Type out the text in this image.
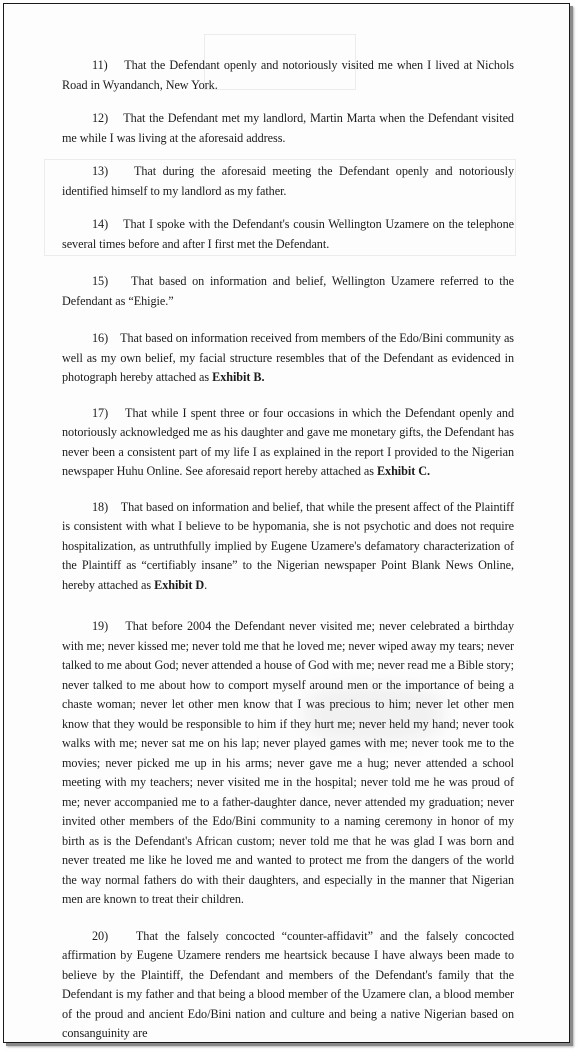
11) That the Defendant openly and notoriously visited me when I lived at Nichols Road in Wyandanch, New York.

12) That the Defendant met my landlord, Martin Marta when the Defendant visited me while I was living at the aforesaid address.

13) That during the aforesaid meeting the Defendant openly and notoriously identified himself to my landlord as my father.

14) That I spoke with the Defendant's cousin Wellington Uzamere on the telephone several times before and after I first met the Defendant.

15) That based on information and belief, Wellington Uzamere referred to the Defendant as “Ehigie.”

16) That based on information received from members of the Edo/Bini community as well as my own belief, my facial structure resembles that of the Defendant as evidenced in photograph hereby attached as Exhibit B.

17) That while I spent three or four occasions in which the Defendant openly and notoriously acknowledged me as his daughter and gave me monetary gifts, the Defendant has never been a consistent part of my life I as explained in the report I provided to the Nigerian newspaper Huhu Online. See aforesaid report hereby attached as Exhibit C.

18) That based on information and belief, that while the present affect of the Plaintiff is consistent with what I believe to be hypomania, she is not psychotic and does not require hospitalization, as untruthfully implied by Eugene Uzamere's defamatory characterization of the Plaintiff as “certifiably insane” to the Nigerian newspaper Point Blank News Online, hereby attached as Exhibit D.

19) That before 2004 the Defendant never visited me; never celebrated a birthday with me; never kissed me; never told me that he loved me; never wiped away my tears; never talked to me about God; never attended a house of God with me; never read me a Bible story; never talked to me about how to comport myself around men or the importance of being a chaste woman; never let other men know that I was precious to him; never let other men know that they would be responsible to him if they hurt me; never held my hand; never took walks with me; never sat me on his lap; never played games with me; never took me to the movies; never picked me up in his arms; never gave me a hug; never attended a school meeting with my teachers; never visited me in the hospital; never told me he was proud of me; never accompanied me to a father-daughter dance, never attended my graduation; never invited other members of the Edo/Bini community to a naming ceremony in honor of my birth as is the Defendant's African custom; never told me that he was glad I was born and never treated me like he loved me and wanted to protect me from the dangers of the world the way normal fathers do with their daughters, and especially in the manner that Nigerian men are known to treat their children.

20) That the falsely concocted “counter-affidavit” and the falsely concocted affirmation by Eugene Uzamere renders me heartsick because I have always been made to believe by the Plaintiff, the Defendant and members of the Defendant's family that the Defendant is my father and that being a blood member of the Uzamere clan, a blood member of the proud and ancient Edo/Bini nation and culture and being a native Nigerian based on consanguinity are
